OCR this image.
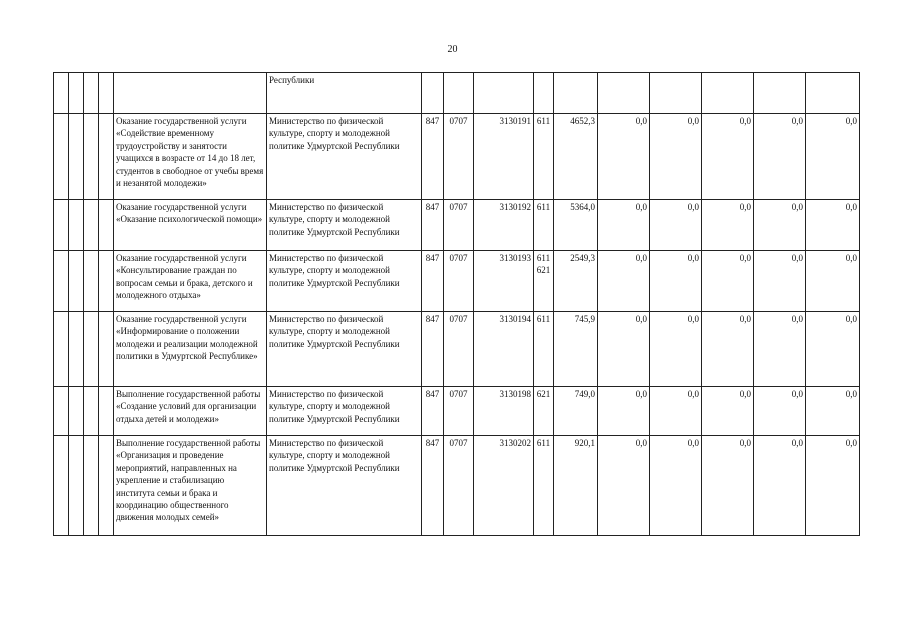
20
					Республики										
				Оказание государственной услуги «Содействие временному трудоустройству и занятости учащихся в возрасте от 14 до 18 лет, студентов в свободное от учебы время и незанятой молодежи»	Министерство по физической культуре, спорту и молодежной политике Удмуртской Республики	847	0707	3130191	611	4652,3	0,0	0,0	0,0	0,0	0,0
				Оказание государственной услуги «Оказание психологической помощи»	Министерство по физической культуре, спорту и молодежной политике Удмуртской Республики	847	0707	3130192	611	5364,0	0,0	0,0	0,0	0,0	0,0
				Оказание государственной услуги «Консультирование граждан по вопросам семьи и брака, детского и молодежного отдыха»	Министерство по физической культуре, спорту и молодежной политике Удмуртской Республики	847	0707	3130193	611 621	2549,3	0,0	0,0	0,0	0,0	0,0
				Оказание государственной услуги «Информирование о положении молодежи и реализации молодежной политики в Удмуртской Республике»	Министерство по физической культуре, спорту и молодежной политике Удмуртской Республики	847	0707	3130194	611	745,9	0,0	0,0	0,0	0,0	0,0
				Выполнение государственной работы «Создание условий для организации отдыха детей и молодежи»	Министерство по физической культуре, спорту и молодежной политике Удмуртской Республики	847	0707	3130198	621	749,0	0,0	0,0	0,0	0,0	0,0
				Выполнение государственной работы «Организация и проведение мероприятий, направленных на укрепление и стабилизацию института семьи и брака и координацию общественного движения молодых семей»	Министерство по физической культуре, спорту и молодежной политике Удмуртской Республики	847	0707	3130202	611	920,1	0,0	0,0	0,0	0,0	0,0
